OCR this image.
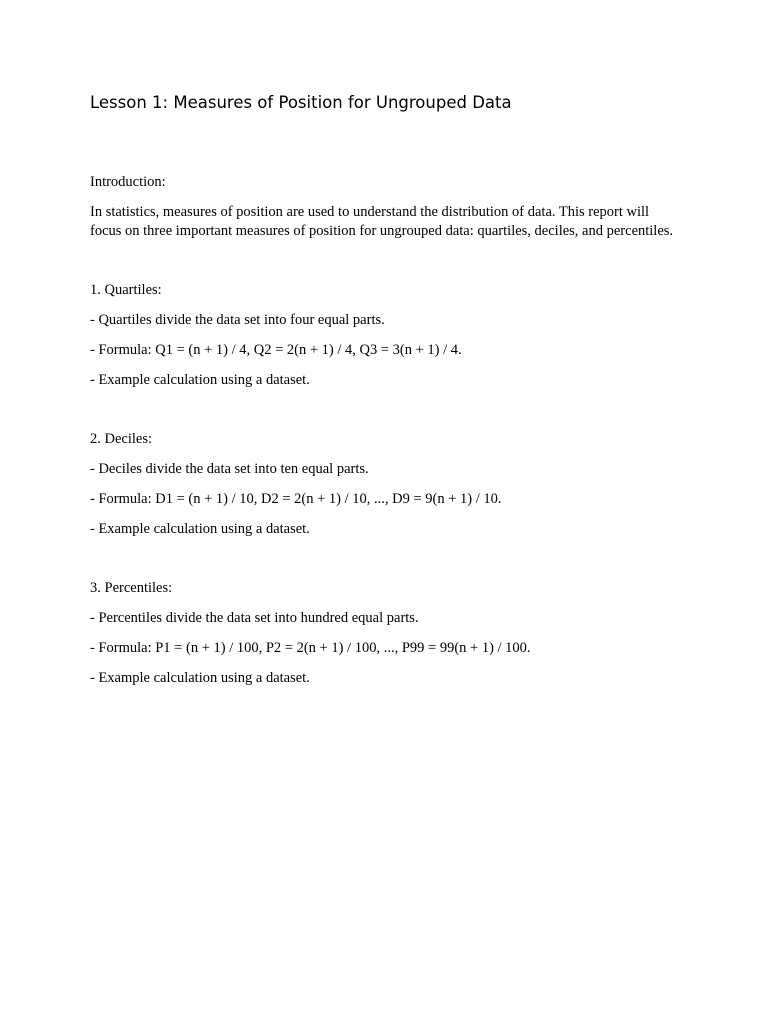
Lesson 1: Measures of Position for Ungrouped Data

Introduction:

In statistics, measures of position are used to understand the distribution of data. This report will focus on three important measures of position for ungrouped data: quartiles, deciles, and percentiles.

1. Quartiles:

- Quartiles divide the data set into four equal parts.

- Formula: Q1 = (n + 1) / 4, Q2 = 2(n + 1) / 4, Q3 = 3(n + 1) / 4.

- Example calculation using a dataset.

2. Deciles:

- Deciles divide the data set into ten equal parts.

- Formula: D1 = (n + 1) / 10, D2 = 2(n + 1) / 10, ..., D9 = 9(n + 1) / 10.

- Example calculation using a dataset.

3. Percentiles:

- Percentiles divide the data set into hundred equal parts.

- Formula: P1 = (n + 1) / 100, P2 = 2(n + 1) / 100, ..., P99 = 99(n + 1) / 100.

- Example calculation using a dataset.
